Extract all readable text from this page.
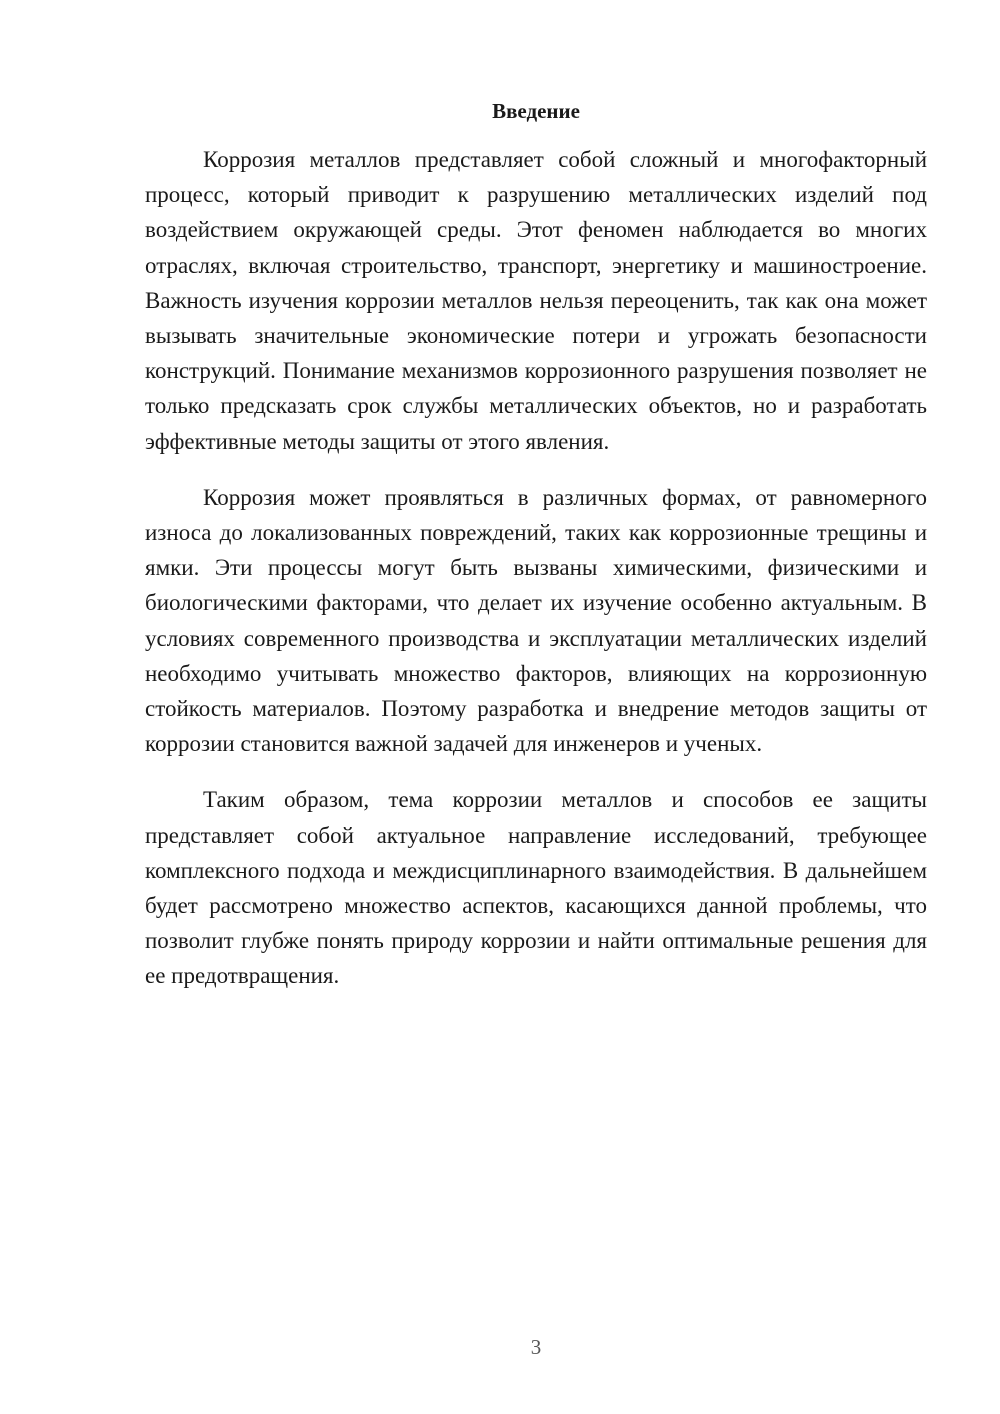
Введение

Коррозия металлов представляет собой сложный и многофакторный процесс, который приводит к разрушению металлических изделий под воздействием окружающей среды. Этот феномен наблюдается во многих отраслях, включая строительство, транспорт, энергетику и машиностроение. Важность изучения коррозии металлов нельзя переоценить, так как она может вызывать значительные экономические потери и угрожать безопасности конструкций. Понимание механизмов коррозионного разрушения позволяет не только предсказать срок службы металлических объектов, но и разработать эффективные методы защиты от этого явления.

Коррозия может проявляться в различных формах, от равномерного износа до локализованных повреждений, таких как коррозионные трещины и ямки. Эти процессы могут быть вызваны химическими, физическими и биологическими факторами, что делает их изучение особенно актуальным. В условиях современного производства и эксплуатации металлических изделий необходимо учитывать множество факторов, влияющих на коррозионную стойкость материалов. Поэтому разработка и внедрение методов защиты от коррозии становится важной задачей для инженеров и ученых.

Таким образом, тема коррозии металлов и способов ее защиты представляет собой актуальное направление исследований, требующее комплексного подхода и междисциплинарного взаимодействия. В дальнейшем будет рассмотрено множество аспектов, касающихся данной проблемы, что позволит глубже понять природу коррозии и найти оптимальные решения для ее предотвращения.

3
